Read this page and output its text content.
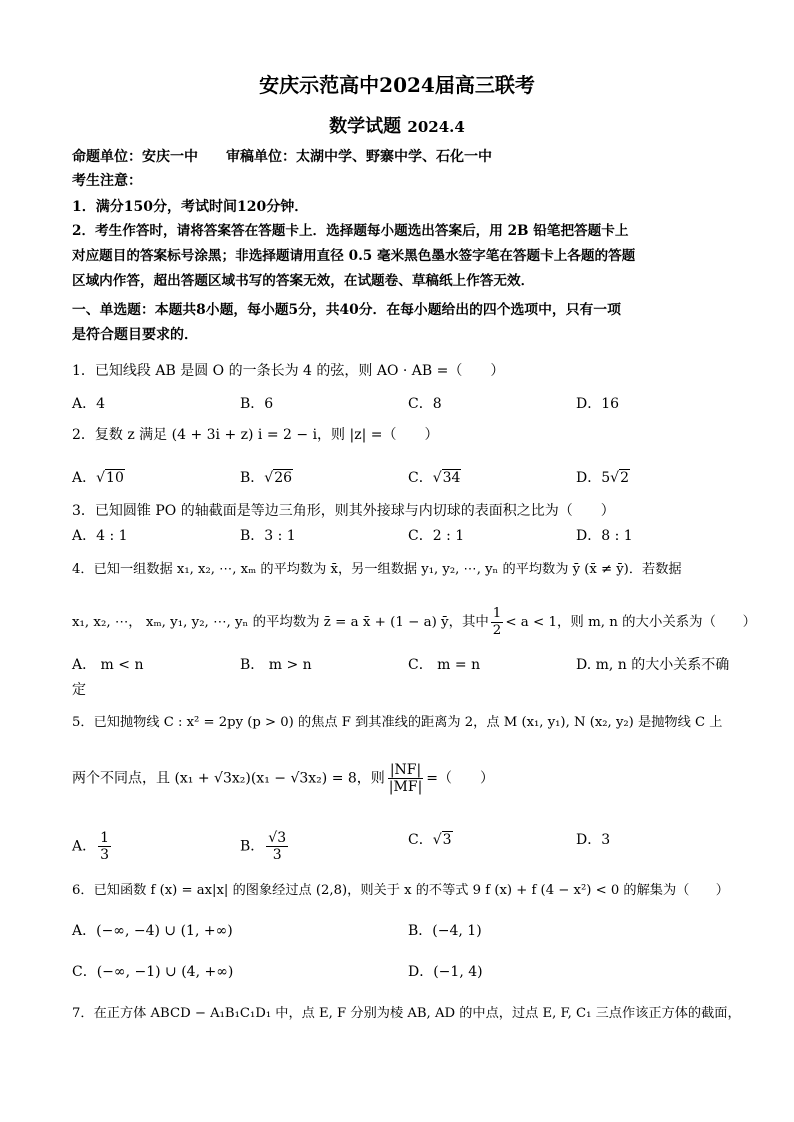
安庆示范高中2024届高三联考
数学试题 2024.4
命题单位：安庆一中　　审稿单位：太湖中学、野寨中学、石化一中
考生注意：
1．满分150分，考试时间120分钟．
2．考生作答时，请将答案答在答题卡上．选择题每小题选出答案后，用 2B 铅笔把答题卡上
对应题目的答案标号涂黑；非选择题请用直径 0.5 毫米黑色墨水签字笔在答题卡上各题的答题
区域内作答，超出答题区域书写的答案无效，在试题卷、草稿纸上作答无效．
一、单选题：本题共8小题，每小题5分，共40分．在每小题给出的四个选项中，只有一项
是符合题目要求的．
1．已知线段 AB 是圆 O 的一条长为 4 的弦，则 AO · AB =（　　）
A．4	B．6	C．8	D．16
2．复数 z 满足 (4 + 3i + z) i = 2 − i，则 |z| =（　　）
A．√10	B．√26	C．√34	D．5√2
3．已知圆锥 PO 的轴截面是等边三角形，则其外接球与内切球的表面积之比为（　　）
A．4 : 1	B．3 : 1	C．2 : 1	D．8 : 1
4．已知一组数据 x₁, x₂, ⋯, xₘ 的平均数为 x̄，另一组数据 y₁, y₂, ⋯, yₙ 的平均数为 ȳ (x̄ ≠ ȳ)．若数据
x₁, x₂, ⋯， xₘ, y₁, y₂, ⋯, yₙ 的平均数为 z̄ = a x̄ + (1 − a) ȳ，其中 $\frac{1}{2} < a < 1$，则 m, n 的大小关系为（　　）
A． m < n	B． m > n	C． m = n	D. m, n 的大小关系不确
定
5．已知抛物线 C : x² = 2py (p > 0) 的焦点 F 到其准线的距离为 2，点 M (x₁, y₁), N (x₂, y₂) 是抛物线 C 上
两个不同点，且 (x₁ + √3x₂)(x₁ − √3x₂) = 8，则 $\frac{|NF|}{|MF|}$ =（　　）
A． $\frac{1}{3}$	B． $\frac{√3}{3}$	C．√3	D．3
6．已知函数 f (x) = ax|x| 的图象经过点 (2,8)，则关于 x 的不等式 9 f (x) + f (4 − x²) < 0 的解集为（　　）
A．(−∞, −4) ∪ (1, +∞)	B．(−4, 1)
C．(−∞, −1) ∪ (4, +∞)	D．(−1, 4)
7．在正方体 ABCD − A₁B₁C₁D₁ 中，点 E, F 分别为棱 AB, AD 的中点，过点 E, F, C₁ 三点作该正方体的截面，
